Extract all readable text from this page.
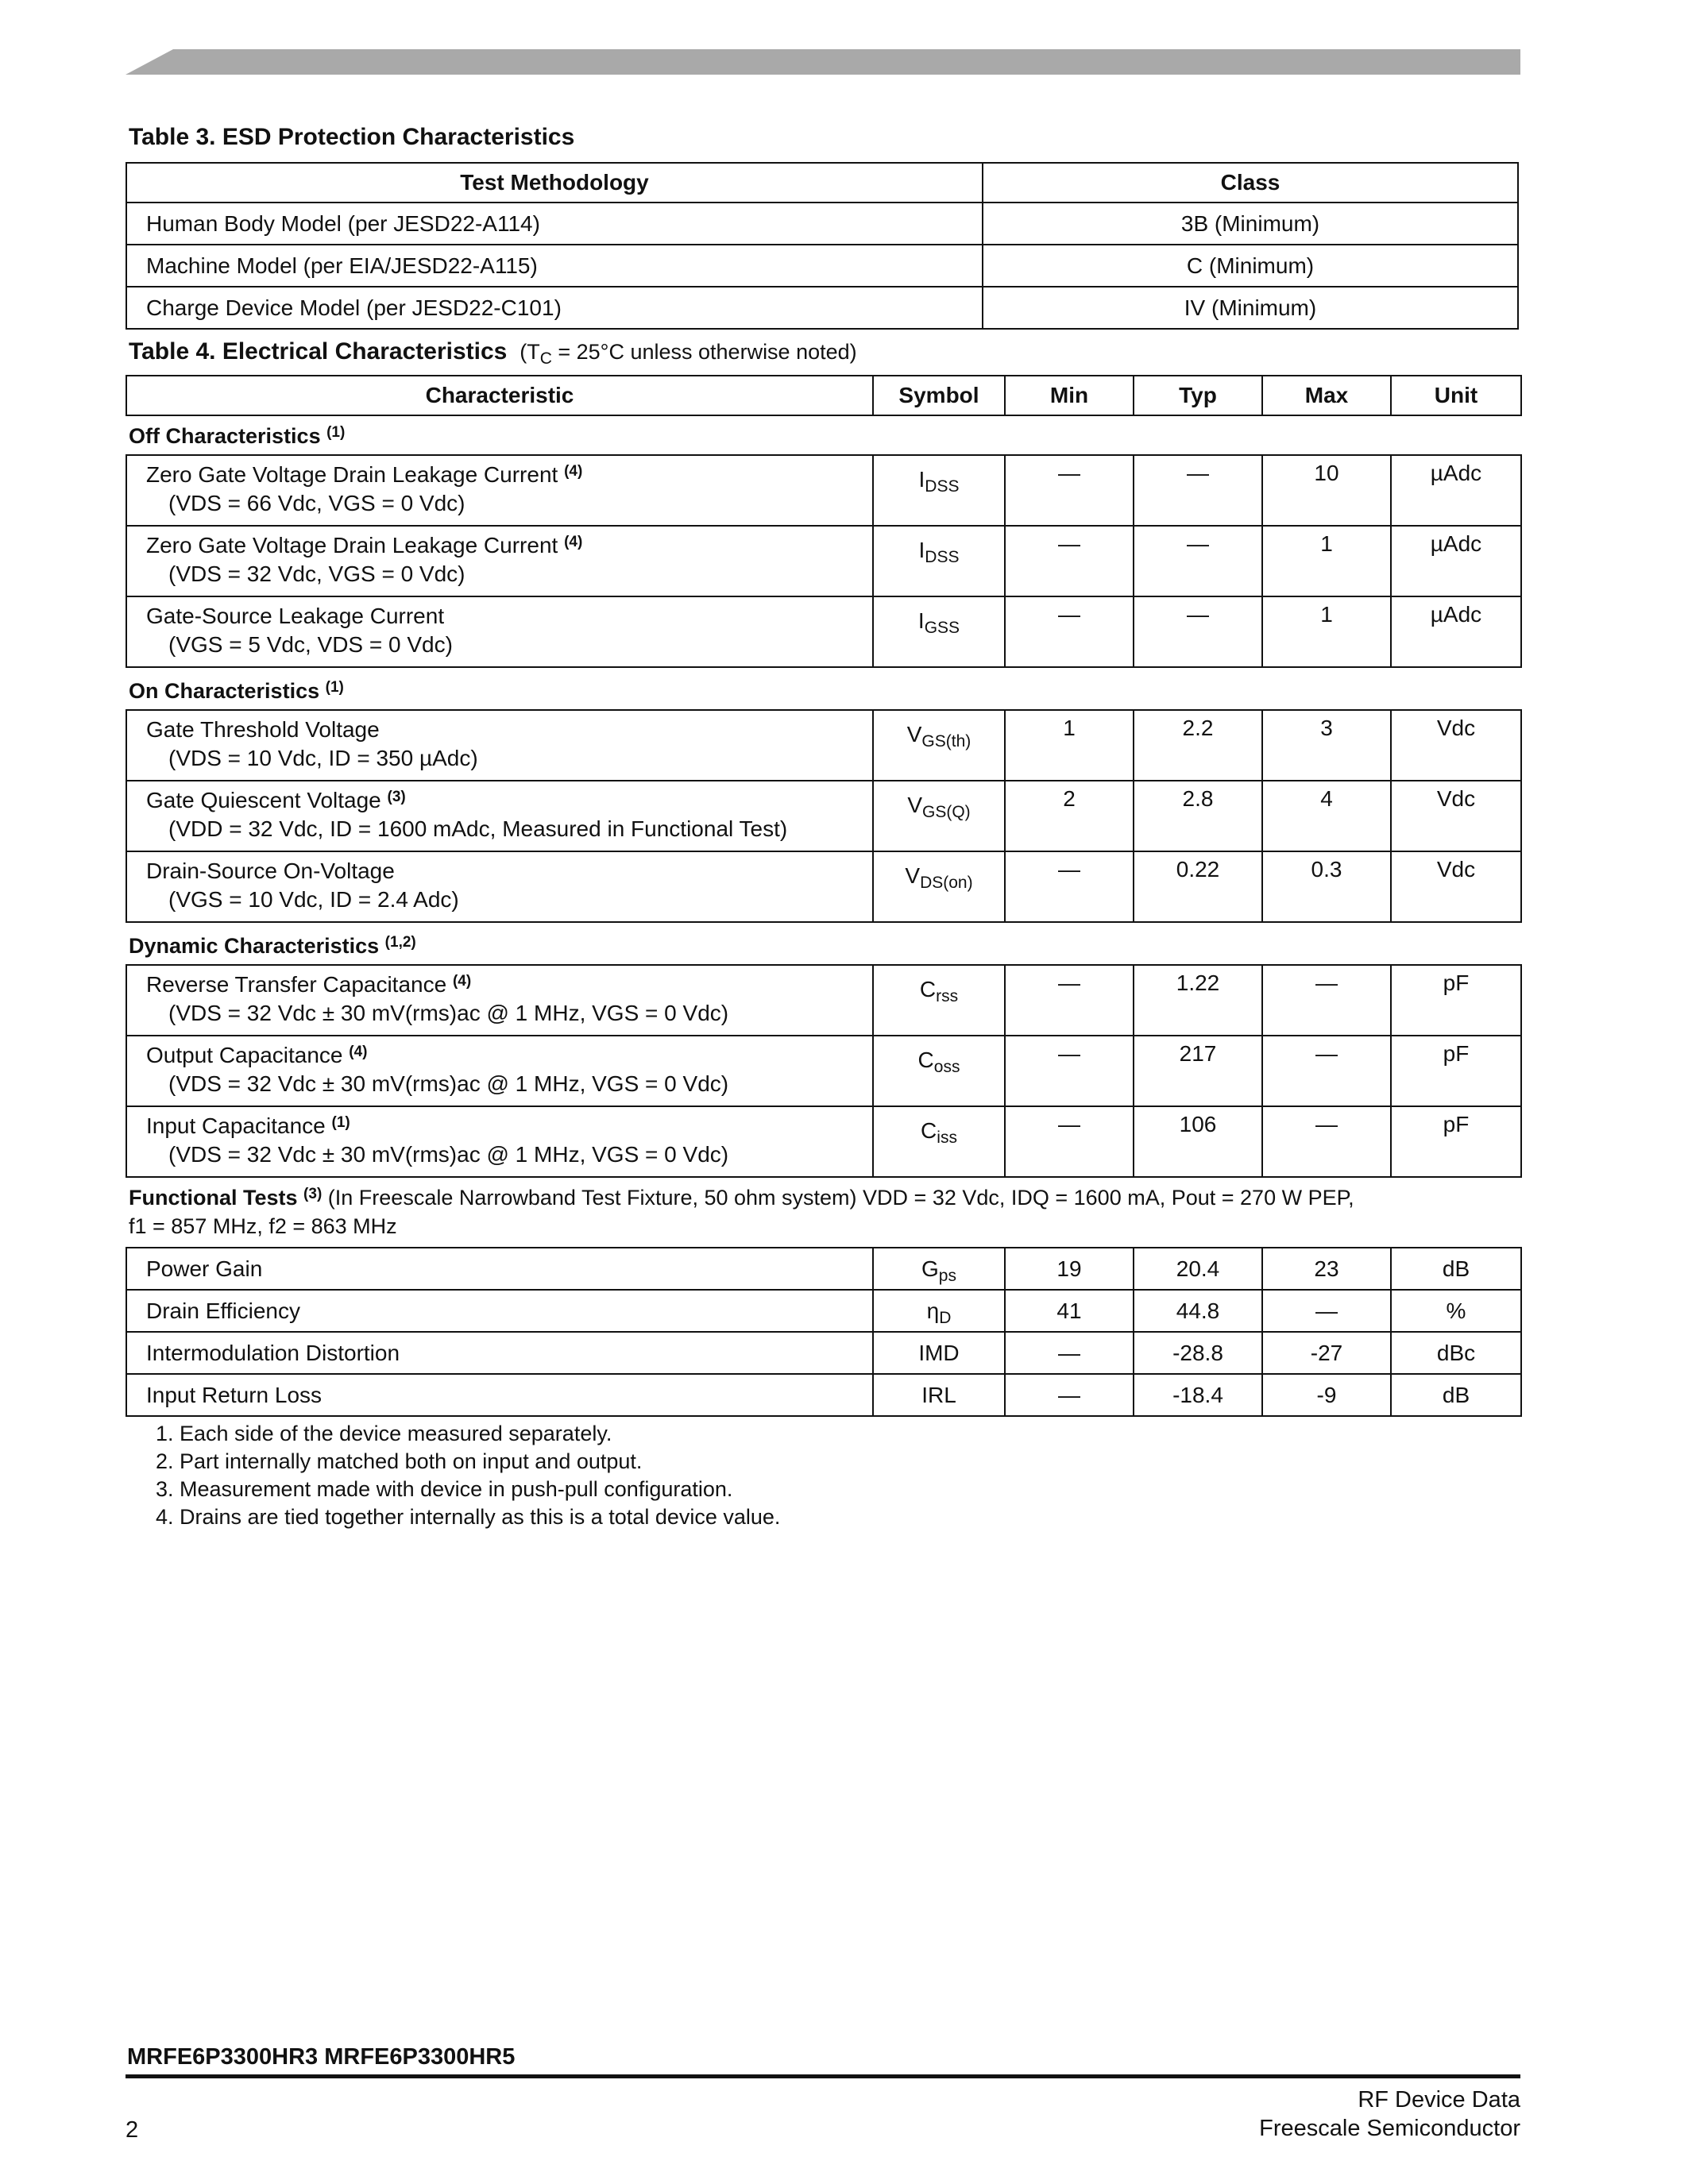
Table 3. ESD Protection Characteristics
Test Methodology	Class
Human Body Model (per JESD22-A114)	3B (Minimum)
Machine Model (per EIA/JESD22-A115)	C (Minimum)
Charge Device Model (per JESD22-C101)	IV (Minimum)
Table 4. Electrical Characteristics ($T_C = 25^\circ C$ unless otherwise noted)
Characteristic	Symbol	Min	Typ	Max	Unit
Off Characteristics $^{(1)}$
Zero Gate Voltage Drain Leakage Current $^{(4)}$
(VDS = 66 Vdc, VGS = 0 Vdc)	$I_{DSS}$	—	—	10	µAdc
Zero Gate Voltage Drain Leakage Current $^{(4)}$
(VDS = 32 Vdc, VGS = 0 Vdc)	$I_{DSS}$	—	—	1	µAdc
Gate-Source Leakage Current
(VGS = 5 Vdc, VDS = 0 Vdc)	$I_{GSS}$	—	—	1	µAdc
On Characteristics $^{(1)}$
Gate Threshold Voltage
(VDS = 10 Vdc, ID = 350 µAdc)	$V_{GS(th)}$	1	2.2	3	Vdc
Gate Quiescent Voltage $^{(3)}$
(VDD = 32 Vdc, ID = 1600 mAdc, Measured in Functional Test)	$V_{GS(Q)}$	2	2.8	4	Vdc
Drain-Source On-Voltage
(VGS = 10 Vdc, ID = 2.4 Adc)	$V_{DS(on)}$	—	0.22	0.3	Vdc
Dynamic Characteristics $^{(1,2)}$
Reverse Transfer Capacitance $^{(4)}$
(VDS = 32 Vdc ± 30 mV(rms)ac @ 1 MHz, VGS = 0 Vdc)	$C_{rss}$	—	1.22	—	pF
Output Capacitance $^{(4)}$
(VDS = 32 Vdc ± 30 mV(rms)ac @ 1 MHz, VGS = 0 Vdc)	$C_{oss}$	—	217	—	pF
Input Capacitance $^{(1)}$
(VDS = 32 Vdc ± 30 mV(rms)ac @ 1 MHz, VGS = 0 Vdc)	$C_{iss}$	—	106	—	pF
Functional Tests $^{(3)}$ (In Freescale Narrowband Test Fixture, 50 ohm system) VDD = 32 Vdc, IDQ = 1600 mA, Pout = 270 W PEP,
f1 = 857 MHz, f2 = 863 MHz
Power Gain	$G_{ps}$	19	20.4	23	dB
Drain Efficiency	$\eta_D$	41	44.8	—	%
Intermodulation Distortion	IMD	—	-28.8	-27	dBc
Input Return Loss	IRL	—	-18.4	-9	dB
1. Each side of the device measured separately.
2. Part internally matched both on input and output.
3. Measurement made with device in push-pull configuration.
4. Drains are tied together internally as this is a total device value.
MRFE6P3300HR3 MRFE6P3300HR5
RF Device Data
Freescale Semiconductor
2
